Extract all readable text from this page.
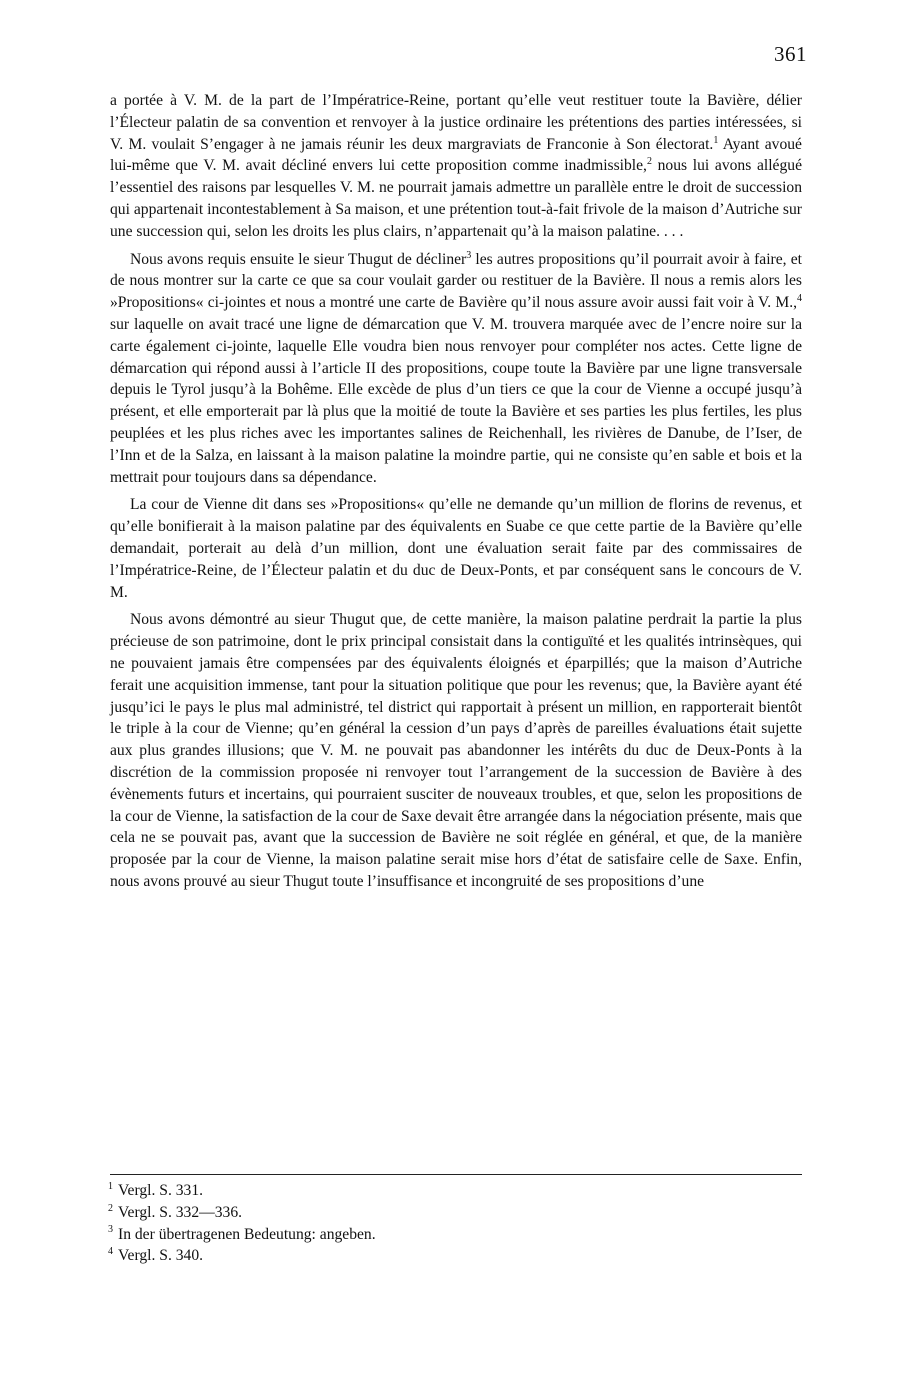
361

a portée à V. M. de la part de l’Impératrice-Reine, portant qu’elle veut restituer toute la Bavière, délier l’Électeur palatin de sa convention et renvoyer à la justice ordinaire les prétentions des parties intéressées, si V. M. voulait S’engager à ne jamais réunir les deux margraviats de Franconie à Son électorat.$^1$ Ayant avoué lui-même que V. M. avait décliné envers lui cette proposition comme inadmissible,$^2$ nous lui avons allégué l’essentiel des raisons par lesquelles V. M. ne pourrait jamais admettre un parallèle entre le droit de succession qui appartenait incontestablement à Sa maison, et une prétention tout-à-fait frivole de la maison d’Autriche sur une succession qui, selon les droits les plus clairs, n’appartenait qu’à la maison palatine. . . .

Nous avons requis ensuite le sieur Thugut de décliner$^3$ les autres propositions qu’il pourrait avoir à faire, et de nous montrer sur la carte ce que sa cour voulait garder ou restituer de la Bavière. Il nous a remis alors les »Propositions« ci-jointes et nous a montré une carte de Bavière qu’il nous assure avoir aussi fait voir à V. M.,$^4$ sur laquelle on avait tracé une ligne de démarcation que V. M. trouvera marquée avec de l’encre noire sur la carte également ci-jointe, laquelle Elle voudra bien nous renvoyer pour compléter nos actes. Cette ligne de démarcation qui répond aussi à l’article II des propositions, coupe toute la Bavière par une ligne transversale depuis le Tyrol jusqu’à la Bohême. Elle excède de plus d’un tiers ce que la cour de Vienne a occupé jusqu’à présent, et elle emporterait par là plus que la moitié de toute la Bavière et ses parties les plus fertiles, les plus peuplées et les plus riches avec les importantes salines de Reichenhall, les rivières de Danube, de l’Iser, de l’Inn et de la Salza, en laissant à la maison palatine la moindre partie, qui ne consiste qu’en sable et bois et la mettrait pour toujours dans sa dépendance.

La cour de Vienne dit dans ses »Propositions« qu’elle ne demande qu’un million de florins de revenus, et qu’elle bonifierait à la maison palatine par des équivalents en Suabe ce que cette partie de la Bavière qu’elle demandait, porterait au delà d’un million, dont une évaluation serait faite par des commissaires de l’Impératrice-Reine, de l’Électeur palatin et du duc de Deux-Ponts, et par conséquent sans le concours de V. M.

Nous avons démontré au sieur Thugut que, de cette manière, la maison palatine perdrait la partie la plus précieuse de son patrimoine, dont le prix principal consistait dans la contiguïté et les qualités intrinsèques, qui ne pouvaient jamais être compensées par des équivalents éloignés et éparpillés; que la maison d’Autriche ferait une acquisition immense, tant pour la situation politique que pour les revenus; que, la Bavière ayant été jusqu’ici le pays le plus mal administré, tel district qui rapportait à présent un million, en rapporterait bientôt le triple à la cour de Vienne; qu’en général la cession d’un pays d’après de pareilles évaluations était sujette aux plus grandes illusions; que V. M. ne pouvait pas abandonner les intérêts du duc de Deux-Ponts à la discrétion de la commission proposée ni renvoyer tout l’arrangement de la succession de Bavière à des évènements futurs et incertains, qui pourraient susciter de nouveaux troubles, et que, selon les propositions de la cour de Vienne, la satisfaction de la cour de Saxe devait être arrangée dans la négociation présente, mais que cela ne se pouvait pas, avant que la succession de Bavière ne soit réglée en général, et que, de la manière proposée par la cour de Vienne, la maison palatine serait mise hors d’état de satisfaire celle de Saxe. Enfin, nous avons prouvé au sieur Thugut toute l’insuffisance et incongruité de ses propositions d’une

$^1$ Vergl. S. 331.
$^2$ Vergl. S. 332—336.
$^3$ In der übertragenen Bedeutung: angeben.
$^4$ Vergl. S. 340.
